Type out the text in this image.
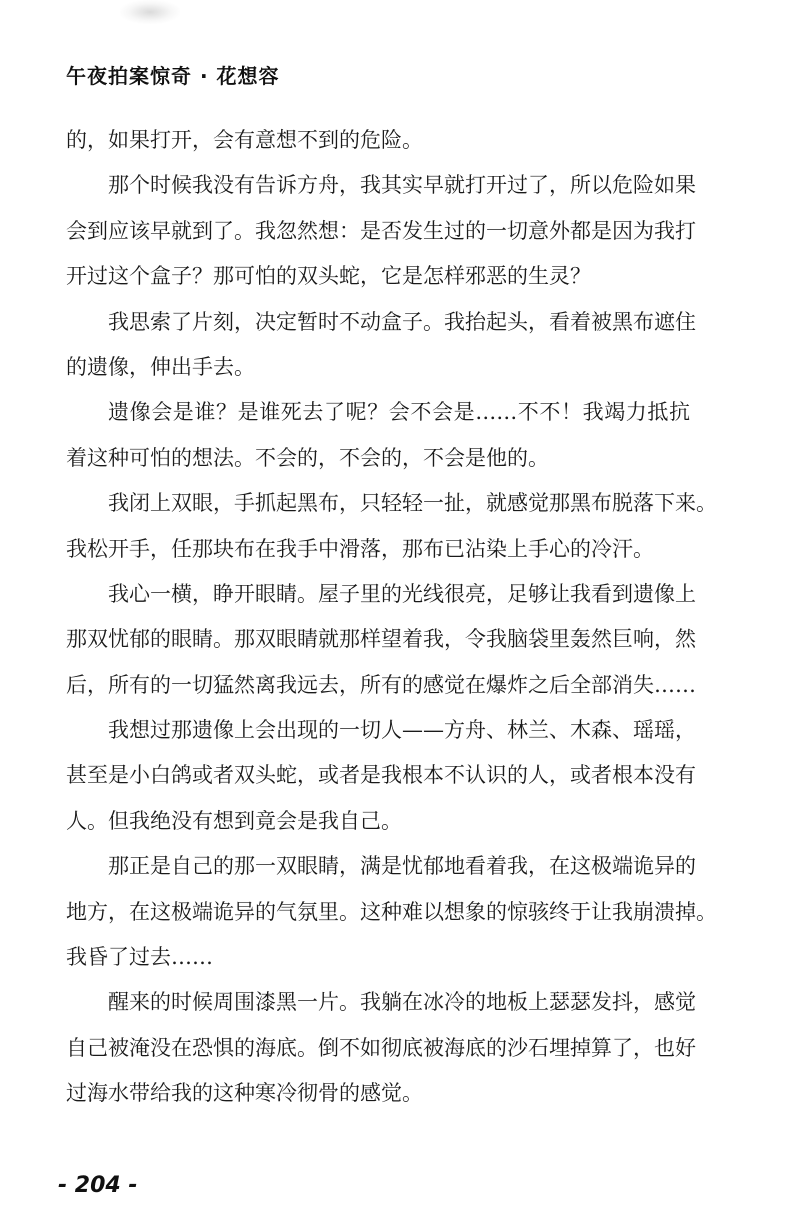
午夜拍案惊奇 · 花想容
的，如果打开，会有意想不到的危险。
那个时候我没有告诉方舟，我其实早就打开过了，所以危险如果
会到应该早就到了。我忽然想：是否发生过的一切意外都是因为我打
开过这个盒子？那可怕的双头蛇，它是怎样邪恶的生灵？
我思索了片刻，决定暂时不动盒子。我抬起头，看着被黑布遮住
的遗像，伸出手去。
遗像会是谁？是谁死去了呢？会不会是……不不！我竭力抵抗
着这种可怕的想法。不会的，不会的，不会是他的。
我闭上双眼，手抓起黑布，只轻轻一扯，就感觉那黑布脱落下来。
我松开手，任那块布在我手中滑落，那布已沾染上手心的冷汗。
我心一横，睁开眼睛。屋子里的光线很亮，足够让我看到遗像上
那双忧郁的眼睛。那双眼睛就那样望着我，令我脑袋里轰然巨响，然
后，所有的一切猛然离我远去，所有的感觉在爆炸之后全部消失……
我想过那遗像上会出现的一切人——方舟、林兰、木森、瑶瑶，
甚至是小白鸽或者双头蛇，或者是我根本不认识的人，或者根本没有
人。但我绝没有想到竟会是我自己。
那正是自己的那一双眼睛，满是忧郁地看着我，在这极端诡异的
地方，在这极端诡异的气氛里。这种难以想象的惊骇终于让我崩溃掉。
我昏了过去……
醒来的时候周围漆黑一片。我躺在冰冷的地板上瑟瑟发抖，感觉
自己被淹没在恐惧的海底。倒不如彻底被海底的沙石埋掉算了，也好
过海水带给我的这种寒冷彻骨的感觉。
- 204 -
